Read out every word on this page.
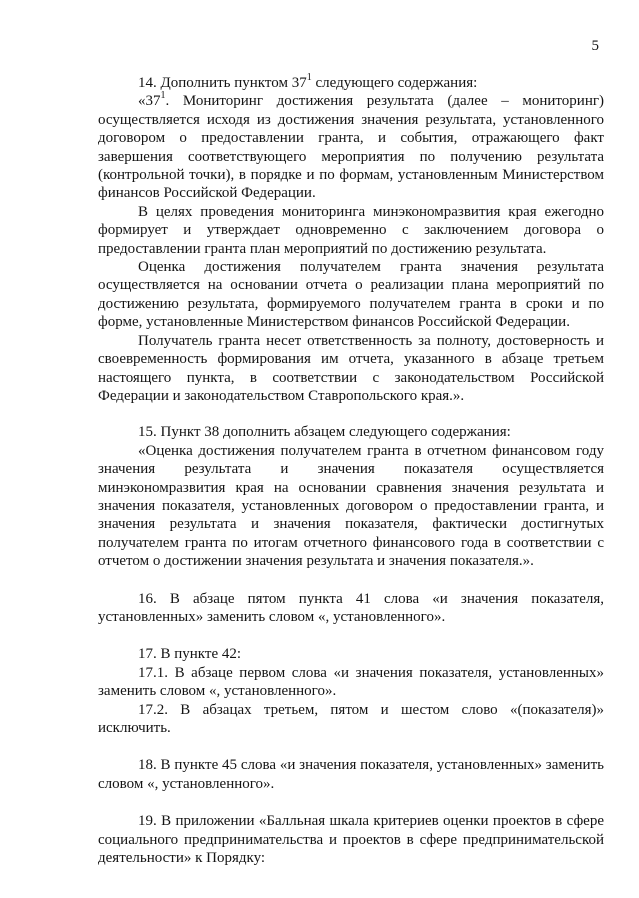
5

14. Дополнить пунктом $37^1$ следующего содержания:

«$37^1$. Мониторинг достижения результата (далее – мониторинг) осуществляется исходя из достижения значения результата, установленного договором о предоставлении гранта, и события, отражающего факт завершения соответствующего мероприятия по получению результата (контрольной точки), в порядке и по формам, установленным Министерством финансов Российской Федерации.

В целях проведения мониторинга минэкономразвития края ежегодно формирует и утверждает одновременно с заключением договора о предоставлении гранта план мероприятий по достижению результата.

Оценка достижения получателем гранта значения результата осуществляется на основании отчета о реализации плана мероприятий по достижению результата, формируемого получателем гранта в сроки и по форме, установленные Министерством финансов Российской Федерации.

Получатель гранта несет ответственность за полноту, достоверность и своевременность формирования им отчета, указанного в абзаце третьем настоящего пункта, в соответствии с законодательством Российской Федерации и законодательством Ставропольского края.».

15. Пункт 38 дополнить абзацем следующего содержания:

«Оценка достижения получателем гранта в отчетном финансовом году значения результата и значения показателя осуществляется минэкономразвития края на основании сравнения значения результата и значения показателя, установленных договором о предоставлении гранта, и значения результата и значения показателя, фактически достигнутых получателем гранта по итогам отчетного финансового года в соответствии с отчетом о достижении значения результата и значения показателя.».

16. В абзаце пятом пункта 41 слова «и значения показателя, установленных» заменить словом «, установленного».

17. В пункте 42:

17.1. В абзаце первом слова «и значения показателя, установленных» заменить словом «, установленного».

17.2. В абзацах третьем, пятом и шестом слово «(показателя)» исключить.

18. В пункте 45 слова «и значения показателя, установленных» заменить словом «, установленного».

19. В приложении «Балльная шкала критериев оценки проектов в сфере социального предпринимательства и проектов в сфере предпринимательской деятельности» к Порядку:
